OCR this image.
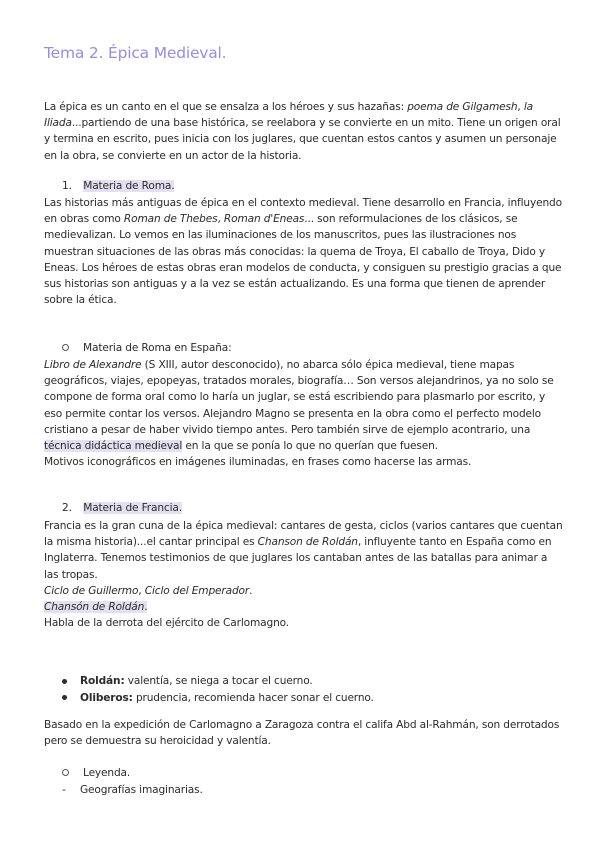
Tema 2. Épica Medieval.

La épica es un canto en el que se ensalza a los héroes y sus hazañas: poema de Gilgamesh, la Iliada...partiendo de una base histórica, se reelabora y se convierte en un mito. Tiene un origen oral y termina en escrito, pues inicia con los juglares, que cuentan estos cantos y asumen un personaje en la obra, se convierte en un actor de la historia.

1. Materia de Roma.

Las historias más antiguas de épica en el contexto medieval. Tiene desarrollo en Francia, influyendo en obras como Roman de Thebes, Roman d'Eneas... son reformulaciones de los clásicos, se medievalizan. Lo vemos en las iluminaciones de los manuscritos, pues las ilustraciones nos muestran situaciones de las obras más conocidas: la quema de Troya, El caballo de Troya, Dido y Eneas. Los héroes de estas obras eran modelos de conducta, y consiguen su prestigio gracias a que sus historias son antiguas y a la vez se están actualizando. Es una forma que tienen de aprender sobre la ética.

Materia de Roma en España:

Libro de Alexandre (S XIII, autor desconocido), no abarca sólo épica medieval, tiene mapas geográficos, viajes, epopeyas, tratados morales, biografía… Son versos alejandrinos, ya no solo se compone de forma oral como lo haría un juglar, se está escribiendo para plasmarlo por escrito, y eso permite contar los versos. Alejandro Magno se presenta en la obra como el perfecto modelo cristiano a pesar de haber vivido tiempo antes. Pero también sirve de ejemplo acontrario, una técnica didáctica medieval en la que se ponía lo que no querían que fuesen.

Motivos iconográficos en imágenes iluminadas, en frases como hacerse las armas.

2. Materia de Francia.

Francia es la gran cuna de la épica medieval: cantares de gesta, ciclos (varios cantares que cuentan la misma historia)...el cantar principal es Chanson de Roldán, influyente tanto en España como en Inglaterra. Tenemos testimonios de que juglares los cantaban antes de las batallas para animar a las tropas.

Ciclo de Guillermo, Ciclo del Emperador.

Chansón de Roldán.

Habla de la derrota del ejército de Carlomagno.

Roldán: valentía, se niega a tocar el cuerno.
Oliberos: prudencia, recomienda hacer sonar el cuerno.

Basado en la expedición de Carlomagno a Zaragoza contra el califa Abd al-Rahmán, son derrotados pero se demuestra su heroicidad y valentía.

Leyenda.
-	Geografías imaginarias.
